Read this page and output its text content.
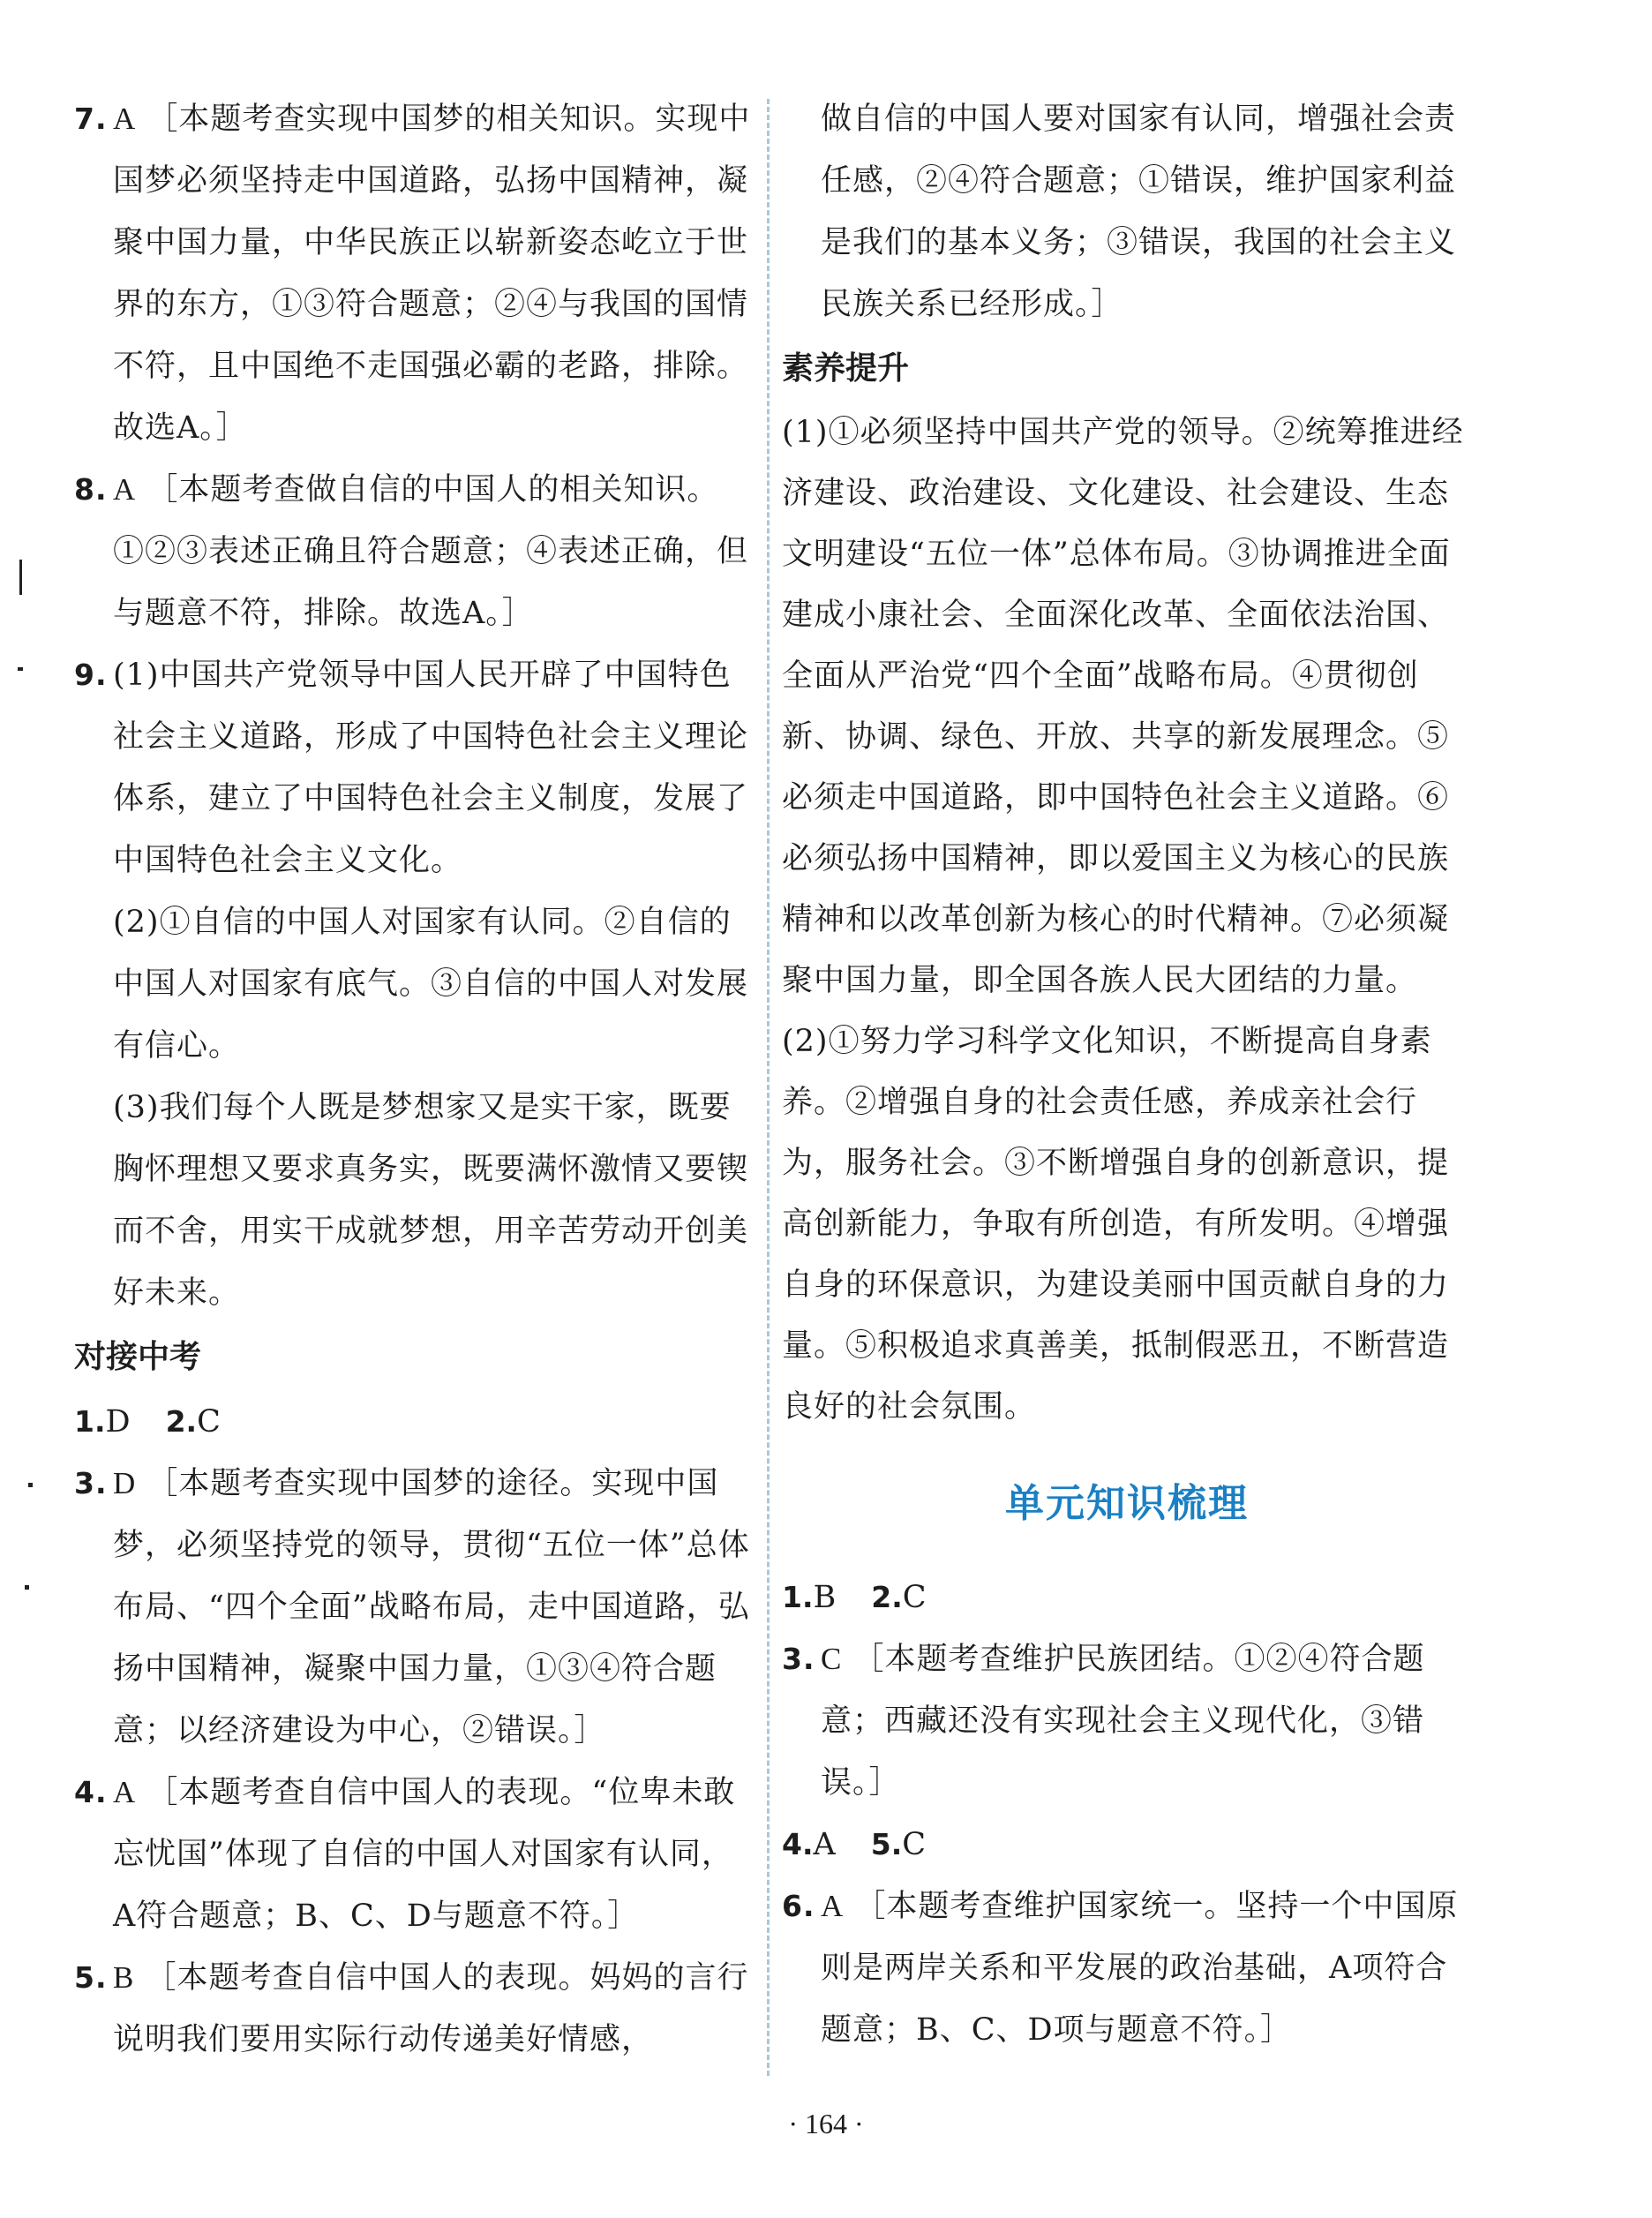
7. A ［本题考查实现中国梦的相关知识。实现中国梦必须坚持走中国道路，弘扬中国精神，凝聚中国力量，中华民族正以崭新姿态屹立于世界的东方，①③符合题意；②④与我国的国情不符，且中国绝不走国强必霸的老路，排除。故选A。］

8. A ［本题考查做自信的中国人的相关知识。①②③表述正确且符合题意；④表述正确，但与题意不符，排除。故选A。］

9. (1)中国共产党领导中国人民开辟了中国特色社会主义道路，形成了中国特色社会主义理论体系，建立了中国特色社会主义制度，发展了中国特色社会主义文化。

(2)①自信的中国人对国家有认同。②自信的中国人对国家有底气。③自信的中国人对发展有信心。

(3)我们每个人既是梦想家又是实干家，既要胸怀理想又要求真务实，既要满怀激情又要锲而不舍，用实干成就梦想，用辛苦劳动开创美好未来。

对接中考

1.D 2.C

3. D ［本题考查实现中国梦的途径。实现中国梦，必须坚持党的领导，贯彻“五位一体”总体布局、“四个全面”战略布局，走中国道路，弘扬中国精神，凝聚中国力量，①③④符合题意；以经济建设为中心，②错误。］

4. A ［本题考查自信中国人的表现。“位卑未敢忘忧国”体现了自信的中国人对国家有认同，A符合题意；B、C、D与题意不符。］

5. B ［本题考查自信中国人的表现。妈妈的言行说明我们要用实际行动传递美好情感，

做自信的中国人要对国家有认同，增强社会责任感，②④符合题意；①错误，维护国家利益是我们的基本义务；③错误，我国的社会主义民族关系已经形成。］

素养提升

(1)①必须坚持中国共产党的领导。②统筹推进经济建设、政治建设、文化建设、社会建设、生态文明建设“五位一体”总体布局。③协调推进全面建成小康社会、全面深化改革、全面依法治国、全面从严治党“四个全面”战略布局。④贯彻创新、协调、绿色、开放、共享的新发展理念。⑤必须走中国道路，即中国特色社会主义道路。⑥必须弘扬中国精神，即以爱国主义为核心的民族精神和以改革创新为核心的时代精神。⑦必须凝聚中国力量，即全国各族人民大团结的力量。

(2)①努力学习科学文化知识，不断提高自身素养。②增强自身的社会责任感，养成亲社会行为，服务社会。③不断增强自身的创新意识，提高创新能力，争取有所创造，有所发明。④增强自身的环保意识，为建设美丽中国贡献自身的力量。⑤积极追求真善美，抵制假恶丑，不断营造良好的社会氛围。

单元知识梳理

1.B 2.C

3. C ［本题考查维护民族团结。①②④符合题意；西藏还没有实现社会主义现代化，③错误。］

4.A 5.C

6. A ［本题考查维护国家统一。坚持一个中国原则是两岸关系和平发展的政治基础，A项符合题意；B、C、D项与题意不符。］

· 164 ·
